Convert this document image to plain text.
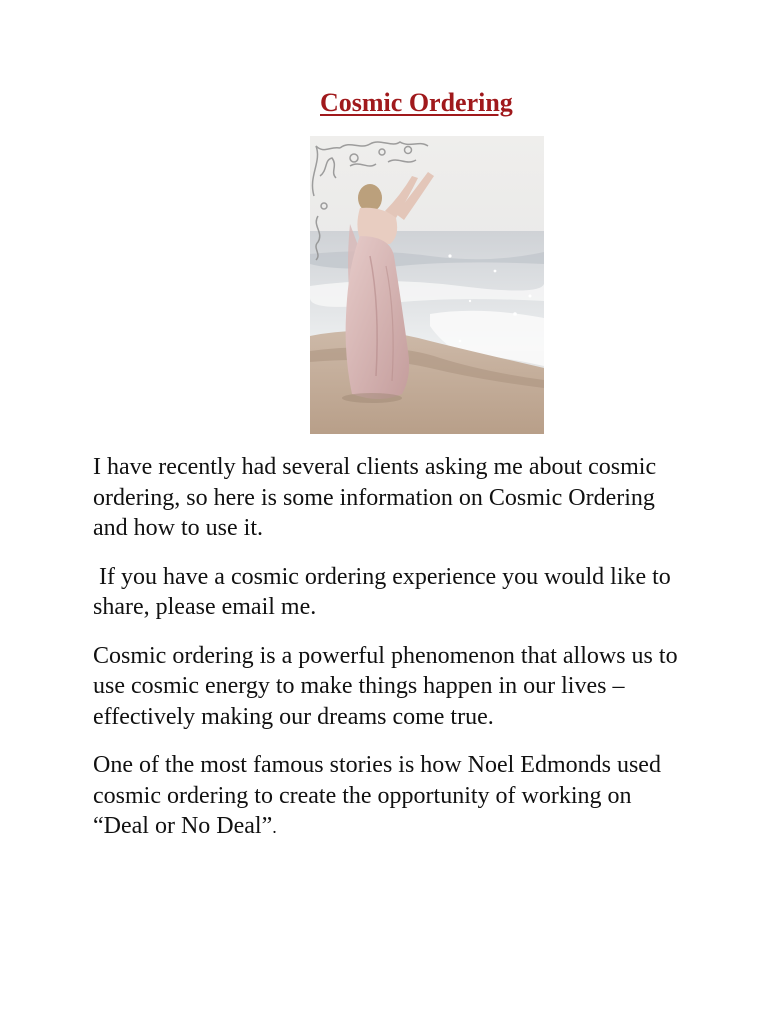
Cosmic Ordering

I have recently had several clients asking me about cosmic ordering, so here is some information on Cosmic Ordering and how to use it.

If you have a cosmic ordering experience you would like to share, please email me.

Cosmic ordering is a powerful phenomenon that allows us to use cosmic energy to make things happen in our lives – effectively making our dreams come true.

One of the most famous stories is how Noel Edmonds used cosmic ordering to create the opportunity of working on “Deal or No Deal”.
